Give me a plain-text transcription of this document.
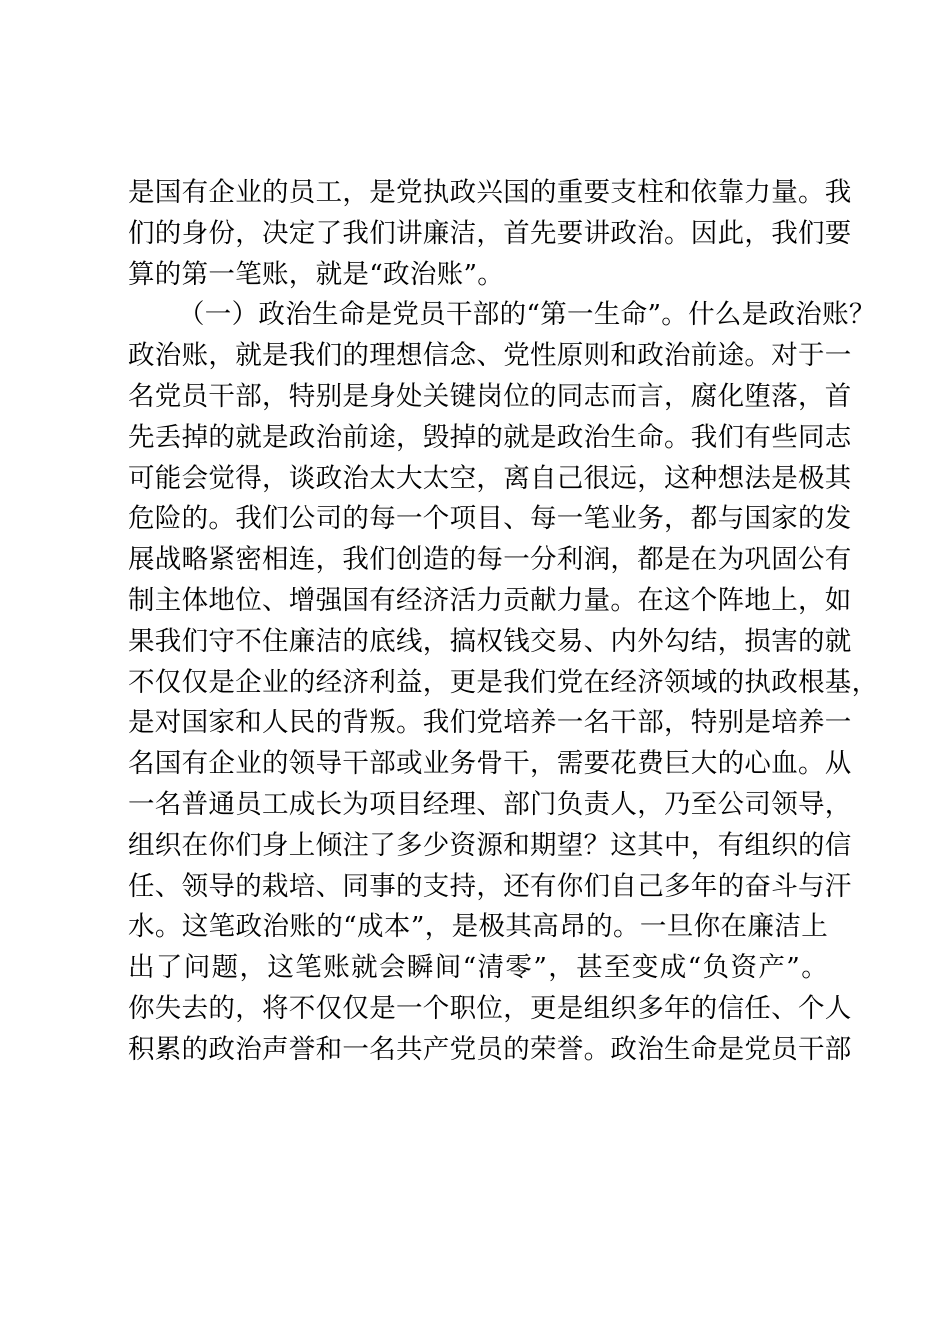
是国有企业的员工，是党执政兴国的重要支柱和依靠力量。我
们的身份，决定了我们讲廉洁，首先要讲政治。因此，我们要
算的第一笔账，就是“政治账”。
（一）政治生命是党员干部的“第一生命”。什么是政治账？
政治账，就是我们的理想信念、党性原则和政治前途。对于一
名党员干部，特别是身处关键岗位的同志而言，腐化堕落，首
先丢掉的就是政治前途，毁掉的就是政治生命。我们有些同志
可能会觉得，谈政治太大太空，离自己很远，这种想法是极其
危险的。我们公司的每一个项目、每一笔业务，都与国家的发
展战略紧密相连，我们创造的每一分利润，都是在为巩固公有
制主体地位、增强国有经济活力贡献力量。在这个阵地上，如
果我们守不住廉洁的底线，搞权钱交易、内外勾结，损害的就
不仅仅是企业的经济利益，更是我们党在经济领域的执政根基，
是对国家和人民的背叛。我们党培养一名干部，特别是培养一
名国有企业的领导干部或业务骨干，需要花费巨大的心血。从
一名普通员工成长为项目经理、部门负责人，乃至公司领导，
组织在你们身上倾注了多少资源和期望？这其中，有组织的信
任、领导的栽培、同事的支持，还有你们自己多年的奋斗与汗
水。这笔政治账的“成本”，是极其高昂的。一旦你在廉洁上
出了问题，这笔账就会瞬间“清零”，甚至变成“负资产”。
你失去的，将不仅仅是一个职位，更是组织多年的信任、个人
积累的政治声誉和一名共产党员的荣誉。政治生命是党员干部
